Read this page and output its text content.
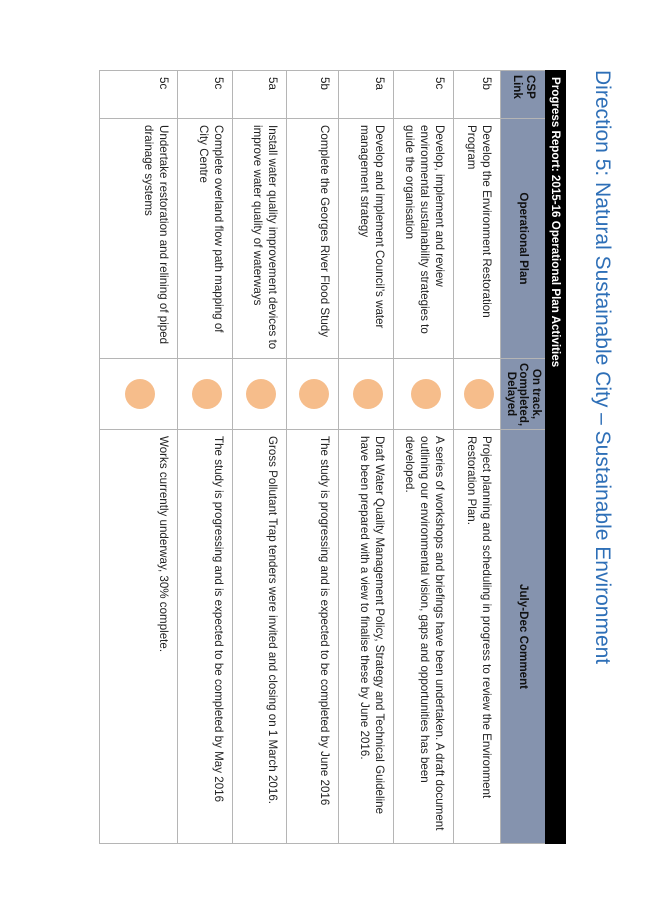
Direction 5: Natural Sustainable City – Sustainable Environment
Progress Report: 2015-16 Operational Plan Activities			
CSP Link	Operational Plan	On track, Completed, Delayed	July-Dec Comment
5b	Develop the Environment Restoration Program		Project planning and scheduling in progress to review the Environment Restoration Plan.
5c	Develop, implement and review environmental sustainability strategies to guide the organisation		A series of workshops and briefings have been undertaken. A draft document outlining our environmental vision, gaps and opportunities has been developed.
5a	Develop and implement Council’s water management strategy		Draft Water Quality Management Policy, Strategy and Technical Guideline have been prepared with a view to finalise these by June 2016.
5b	Complete the Georges River Flood Study		The study is progressing and is expected to be completed by June 2016
5a	Install water quality improvement devices to improve water quality of waterways		Gross Pollutant Trap tenders were invited and closing on 1 March 2016.
5c	Complete overland flow path mapping of City Centre		The study is progressing and is expected to be completed by May 2016
5c	Undertake restoration and relining of piped drainage systems		Works currently underway, 30% complete.
